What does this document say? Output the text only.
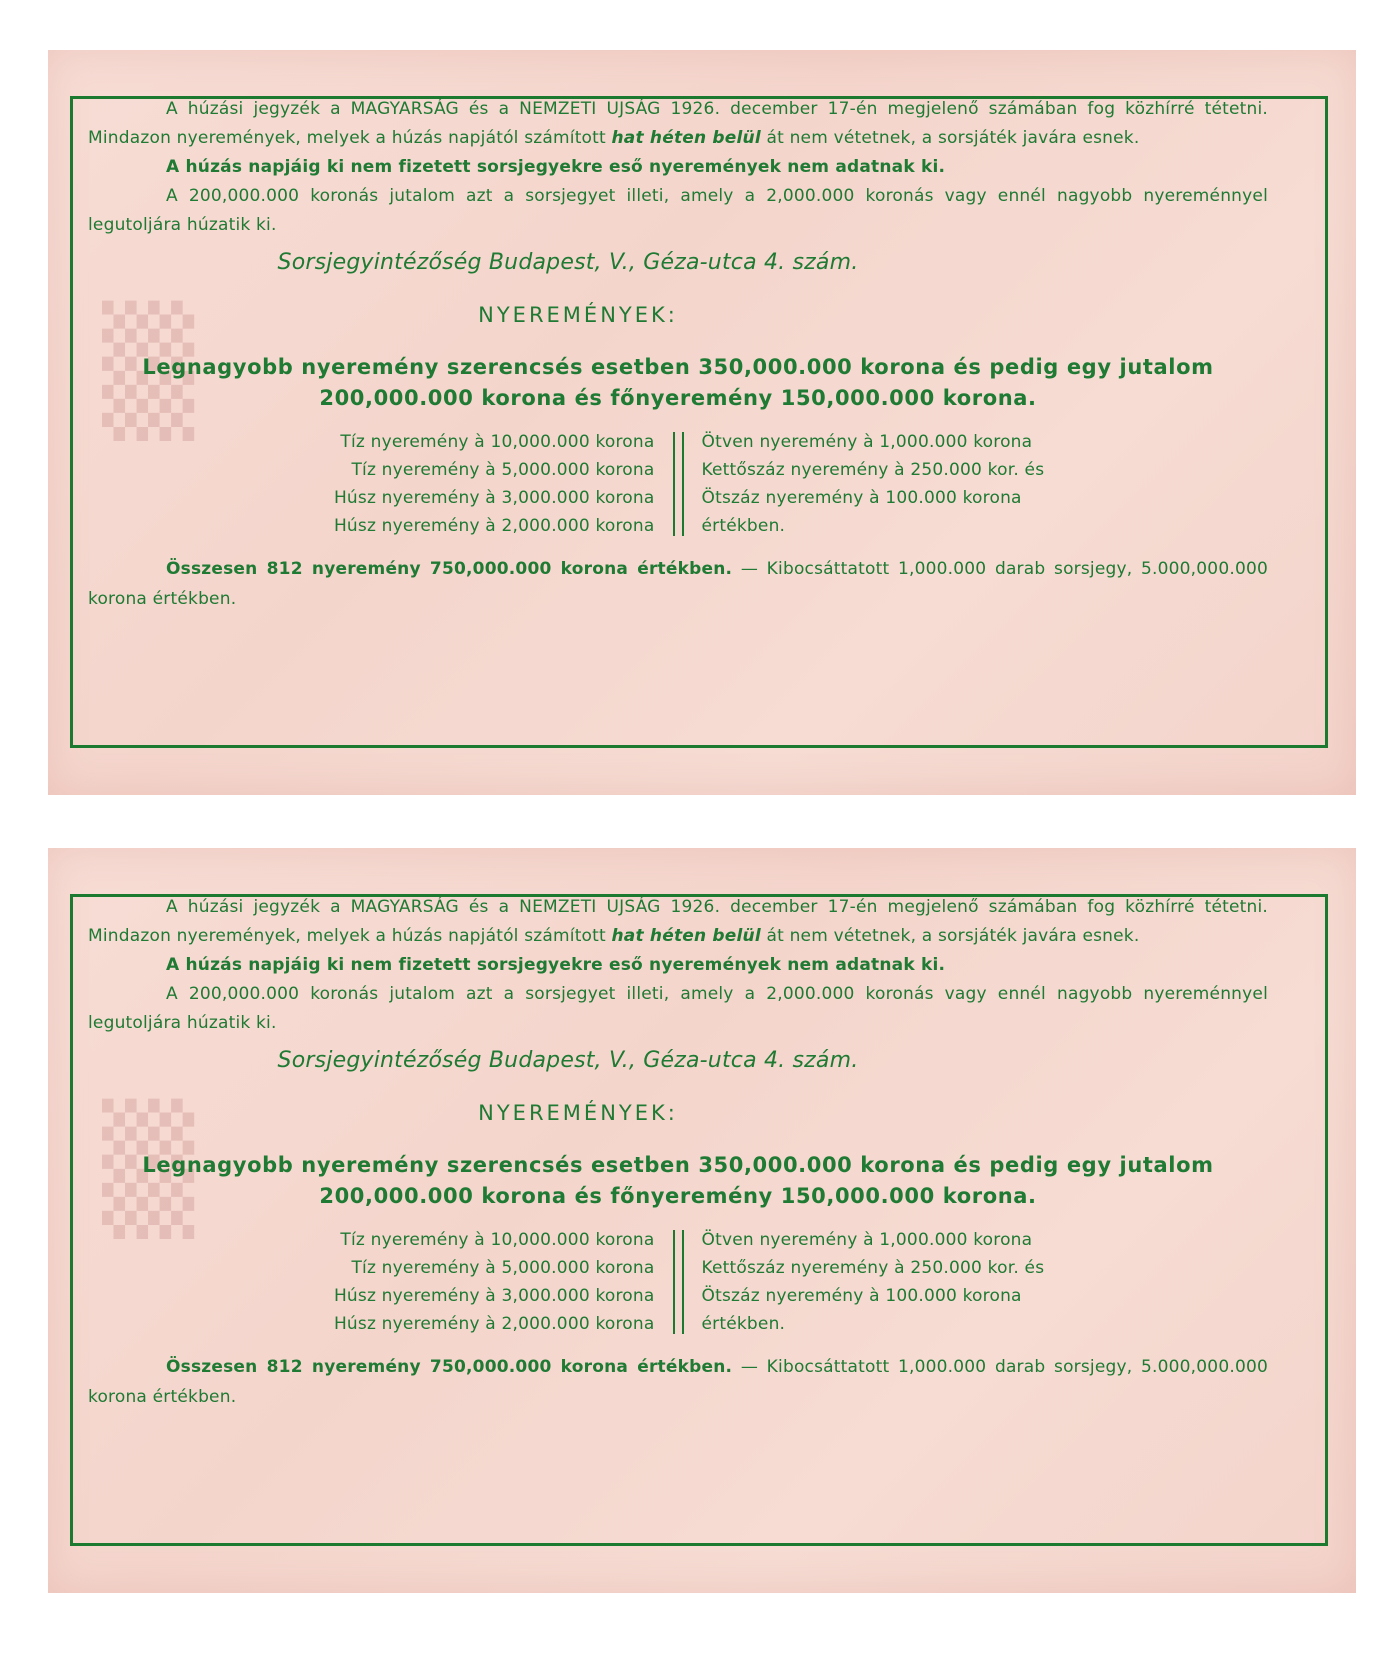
▒

A húzási jegyzék a MAGYARSÁG és a NEMZETI UJSÁG 1926. december 17-én megjelenő számában fog közhírré tétetni. Mindazon nyeremények, melyek a húzás napjától számított hat héten belül át nem vétetnek, a sorsjáték javára esnek.

A húzás napjáig ki nem fizetett sorsjegyekre eső nyeremények nem adatnak ki.

A 200,000.000 koronás jutalom azt a sorsjegyet illeti, amely a 2,000.000 koronás vagy ennél nagyobb nyereménnyel legutoljára húzatik ki.

Sorsjegyintézőség Budapest, V., Géza-utca 4. szám.
NYEREMÉNYEK:
Legnagyobb nyeremény szerencsés esetben 350,000.000 korona és pedig egy jutalom
200,000.000 korona és főnyeremény 150,000.000 korona.
Tíz nyeremény à 10,000.000 korona
Tíz nyeremény à 5,000.000 korona
Húsz nyeremény à 3,000.000 korona
Húsz nyeremény à 2,000.000 korona
Ötven nyeremény à 1,000.000 korona
Kettőszáz nyeremény à 250.000 kor. és
Ötszáz nyeremény à 100.000 korona
értékben.

Összesen 812 nyeremény 750,000.000 korona értékben. — Kibocsáttatott 1,000.000 darab sorsjegy, 5.000,000.000 korona értékben.

▒

A húzási jegyzék a MAGYARSÁG és a NEMZETI UJSÁG 1926. december 17-én megjelenő számában fog közhírré tétetni. Mindazon nyeremények, melyek a húzás napjától számított hat héten belül át nem vétetnek, a sorsjáték javára esnek.

A húzás napjáig ki nem fizetett sorsjegyekre eső nyeremények nem adatnak ki.

A 200,000.000 koronás jutalom azt a sorsjegyet illeti, amely a 2,000.000 koronás vagy ennél nagyobb nyereménnyel legutoljára húzatik ki.

Sorsjegyintézőség Budapest, V., Géza-utca 4. szám.
NYEREMÉNYEK:
Legnagyobb nyeremény szerencsés esetben 350,000.000 korona és pedig egy jutalom
200,000.000 korona és főnyeremény 150,000.000 korona.
Tíz nyeremény à 10,000.000 korona
Tíz nyeremény à 5,000.000 korona
Húsz nyeremény à 3,000.000 korona
Húsz nyeremény à 2,000.000 korona
Ötven nyeremény à 1,000.000 korona
Kettőszáz nyeremény à 250.000 kor. és
Ötszáz nyeremény à 100.000 korona
értékben.

Összesen 812 nyeremény 750,000.000 korona értékben. — Kibocsáttatott 1,000.000 darab sorsjegy, 5.000,000.000 korona értékben.
